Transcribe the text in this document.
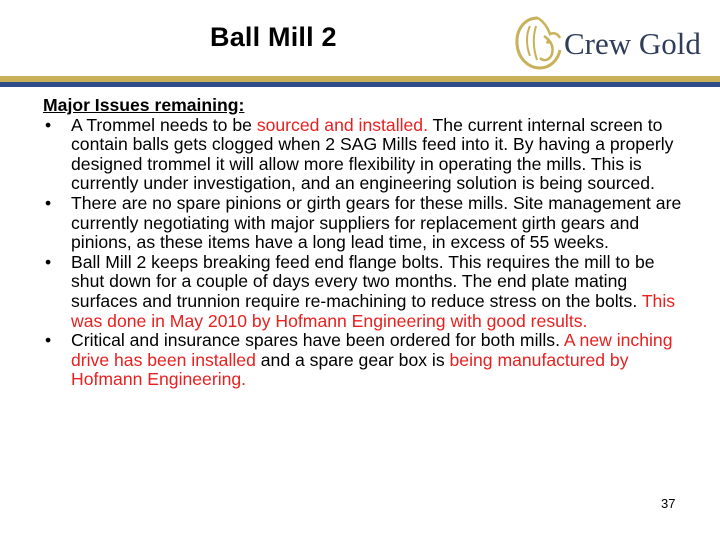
Ball Mill 2	Crew Gold
Major Issues remaining:
• A Trommel needs to be sourced and installed. The current internal screen to contain balls gets clogged when 2 SAG Mills feed into it. By having a properly designed trommel it will allow more flexibility in operating the mills. This is currently under investigation, and an engineering solution is being sourced.
• There are no spare pinions or girth gears for these mills. Site management are currently negotiating with major suppliers for replacement girth gears and pinions, as these items have a long lead time, in excess of 55 weeks.
• Ball Mill 2 keeps breaking feed end flange bolts. This requires the mill to be shut down for a couple of days every two months. The end plate mating surfaces and trunnion require re-machining to reduce stress on the bolts. This was done in May 2010 by Hofmann Engineering with good results.
• Critical and insurance spares have been ordered for both mills. A new inching drive has been installed and a spare gear box is being manufactured by Hofmann Engineering.
37
